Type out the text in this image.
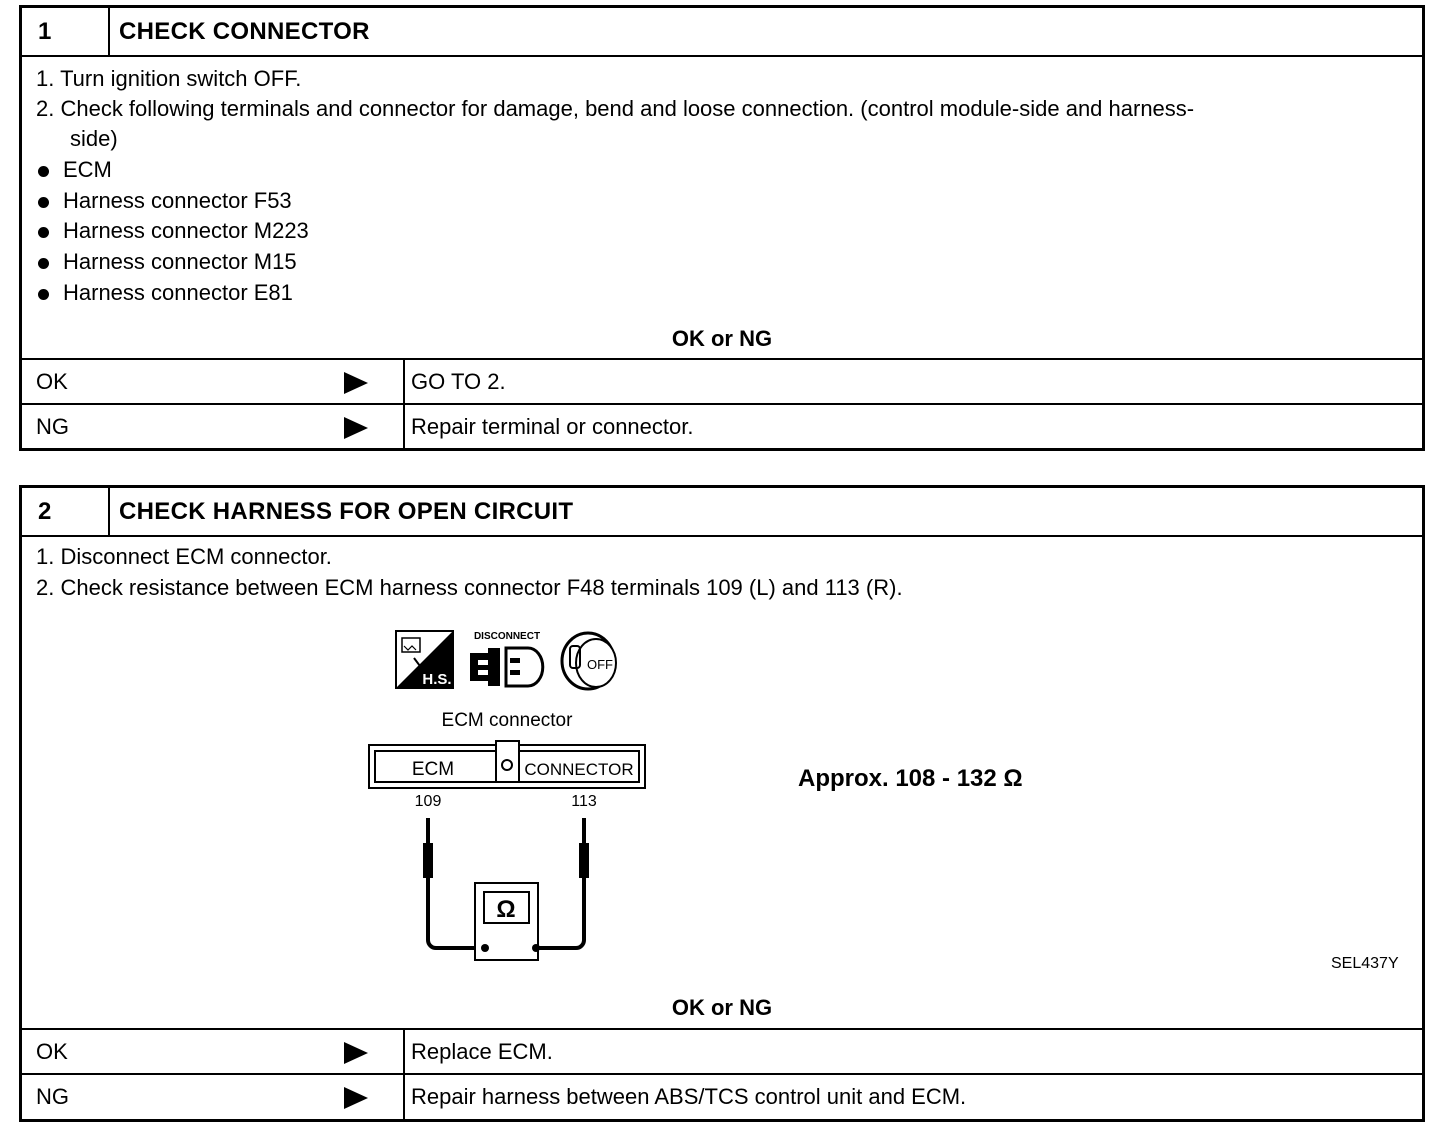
1	CHECK CONNECTOR
1. Turn ignition switch OFF.
2. Check following terminals and connector for damage, bend and loose connection. (control module-side and harness-
side)
ECM
Harness connector F53
Harness connector M223
Harness connector M15
Harness connector E81
OK or NG
OK	GO TO 2.
NG	Repair terminal or connector.
2	CHECK HARNESS FOR OPEN CIRCUIT
1. Disconnect ECM connector.
2. Check resistance between ECM harness connector F48 terminals 109 (L) and 113 (R).
H.S.
DISCONNECT
OFF
ECM connector
ECM	CONNECTOR
109	113
Ω
Approx. 108 - 132 Ω
SEL437Y
OK or NG
OK	Replace ECM.
NG	Repair harness between ABS/TCS control unit and ECM.
